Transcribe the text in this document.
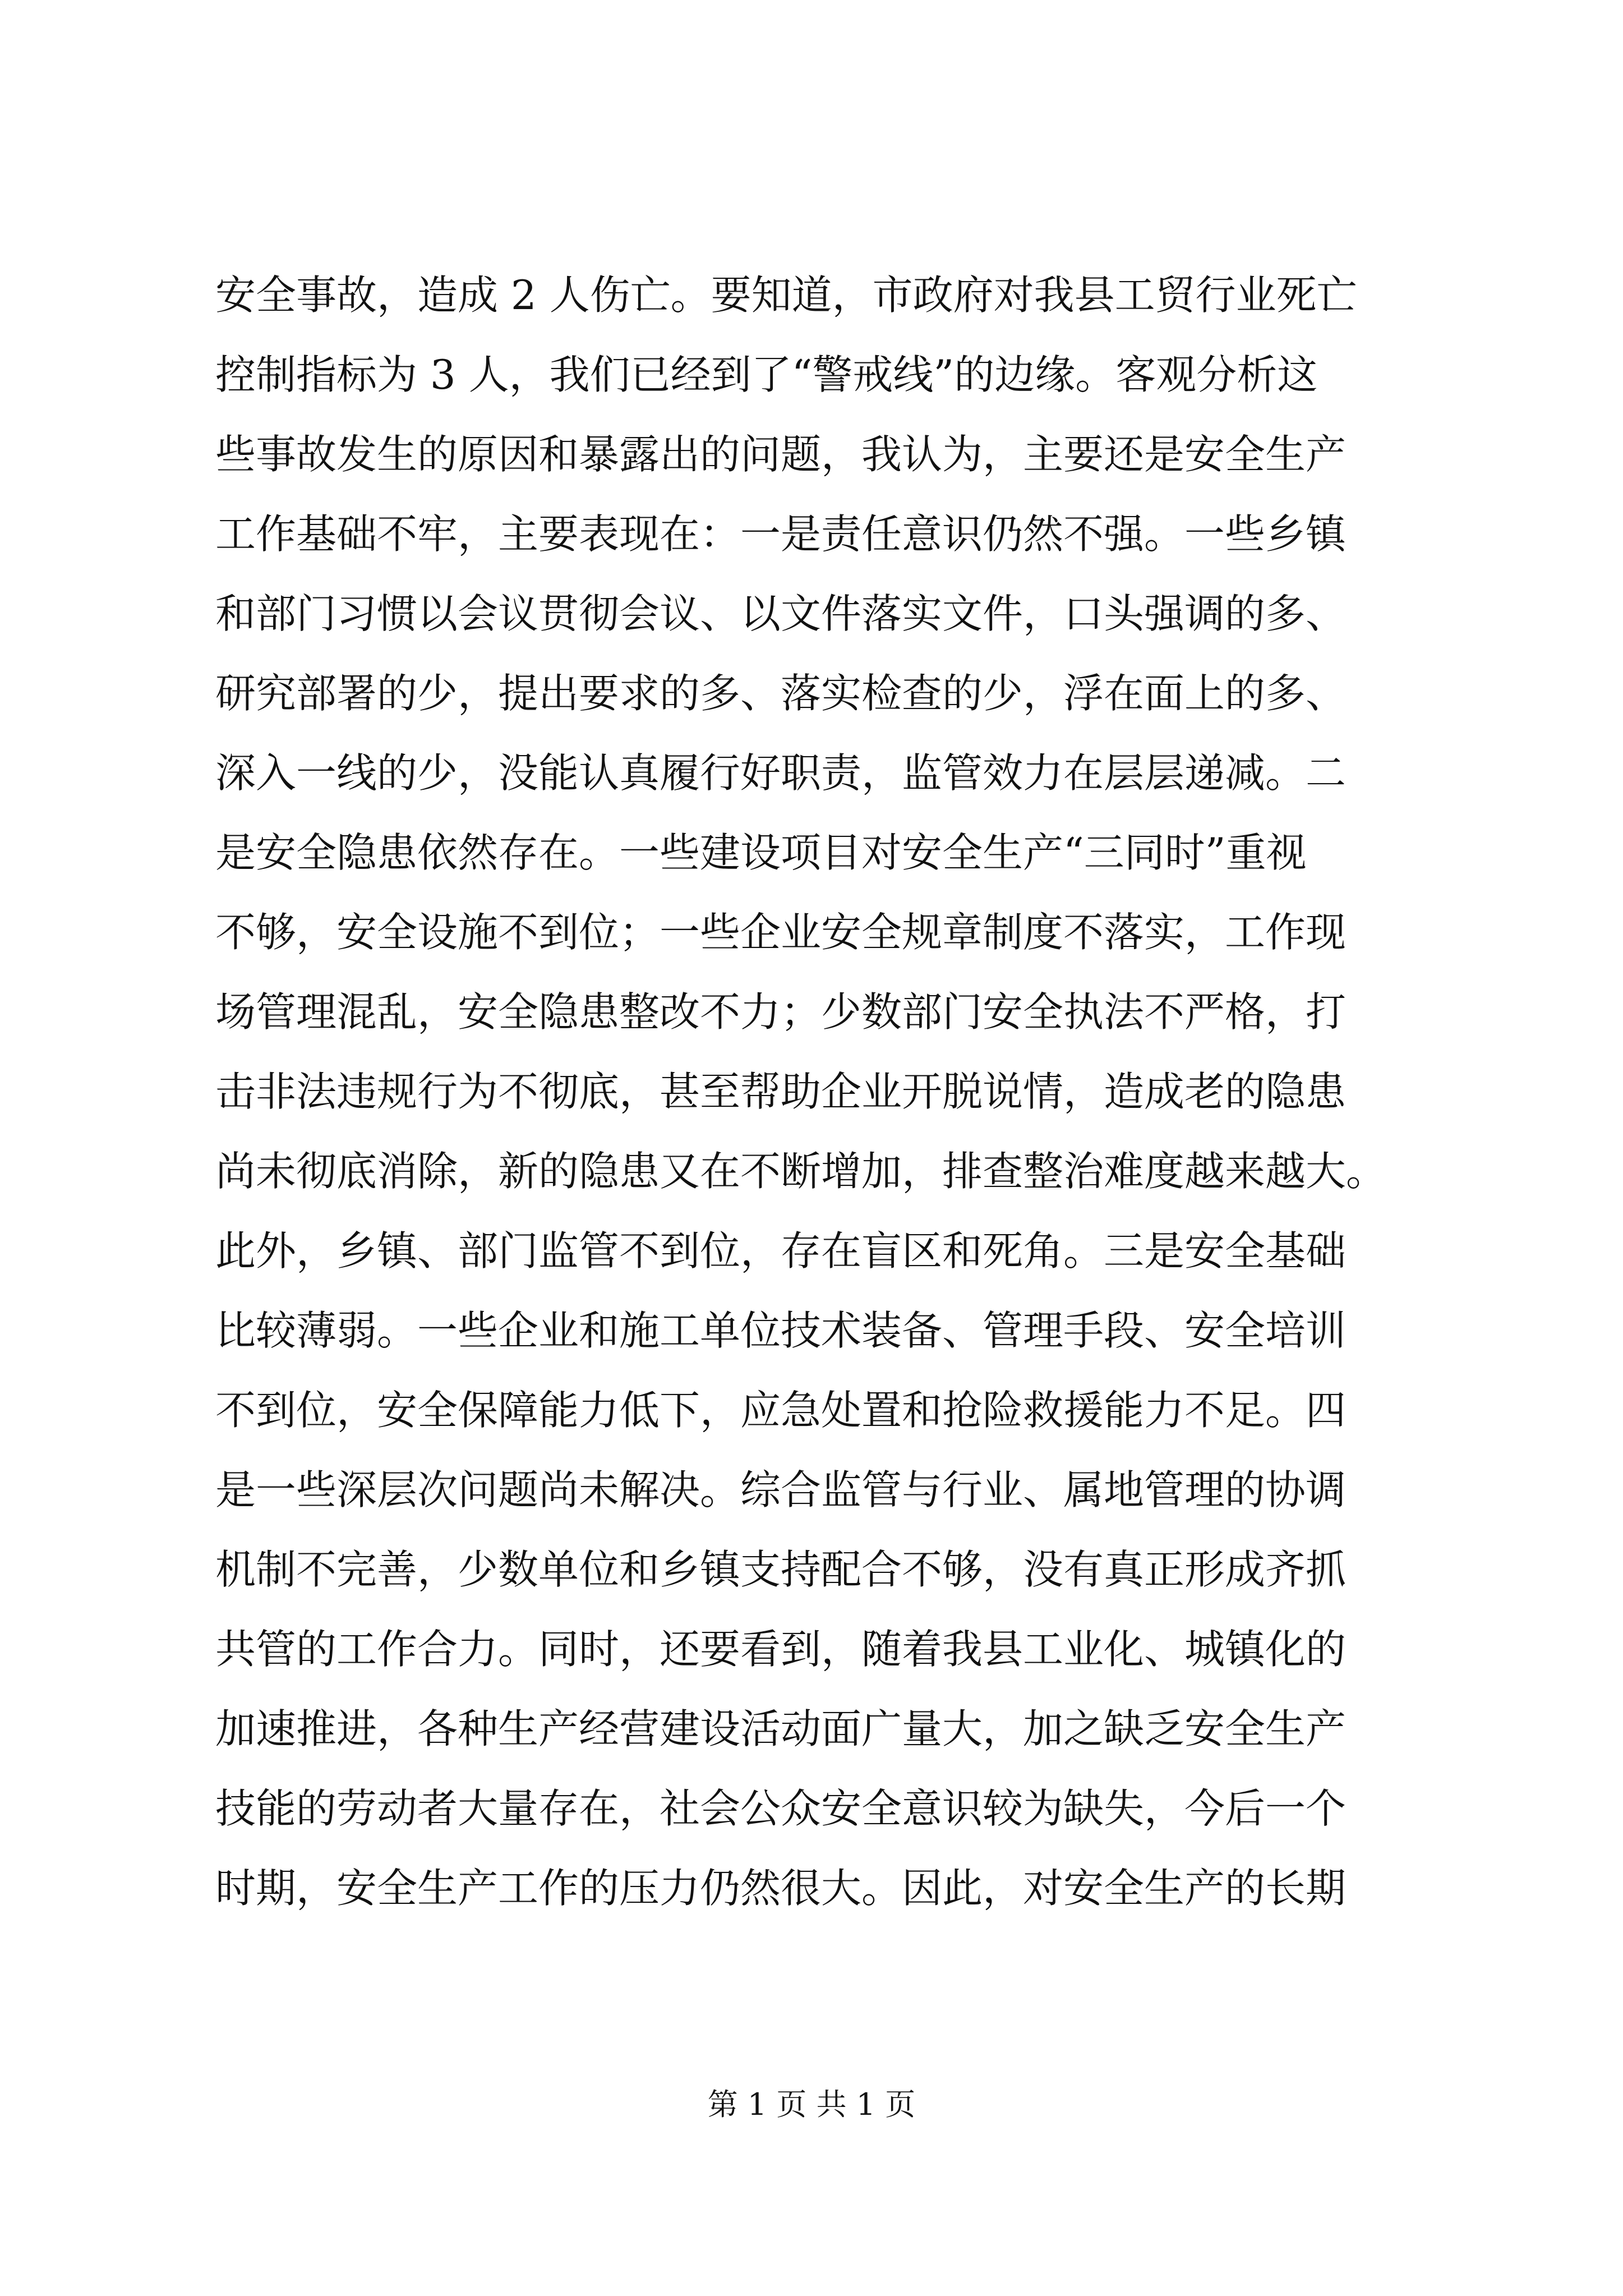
安全事故，造成 2 人伤亡。要知道，市政府对我县工贸行业死亡
控制指标为 3 人，我们已经到了“警戒线”的边缘。客观分析这
些事故发生的原因和暴露出的问题，我认为，主要还是安全生产
工作基础不牢，主要表现在：一是责任意识仍然不强。一些乡镇
和部门习惯以会议贯彻会议、以文件落实文件，口头强调的多、
研究部署的少，提出要求的多、落实检查的少，浮在面上的多、
深入一线的少，没能认真履行好职责，监管效力在层层递减。二
是安全隐患依然存在。一些建设项目对安全生产“三同时”重视
不够，安全设施不到位；一些企业安全规章制度不落实，工作现
场管理混乱，安全隐患整改不力；少数部门安全执法不严格，打
击非法违规行为不彻底，甚至帮助企业开脱说情，造成老的隐患
尚未彻底消除，新的隐患又在不断增加，排查整治难度越来越大。
此外，乡镇、部门监管不到位，存在盲区和死角。三是安全基础
比较薄弱。一些企业和施工单位技术装备、管理手段、安全培训
不到位，安全保障能力低下，应急处置和抢险救援能力不足。四
是一些深层次问题尚未解决。综合监管与行业、属地管理的协调
机制不完善，少数单位和乡镇支持配合不够，没有真正形成齐抓
共管的工作合力。同时，还要看到，随着我县工业化、城镇化的
加速推进，各种生产经营建设活动面广量大，加之缺乏安全生产
技能的劳动者大量存在，社会公众安全意识较为缺失，今后一个
时期，安全生产工作的压力仍然很大。因此，对安全生产的长期
第 1 页 共 1 页
